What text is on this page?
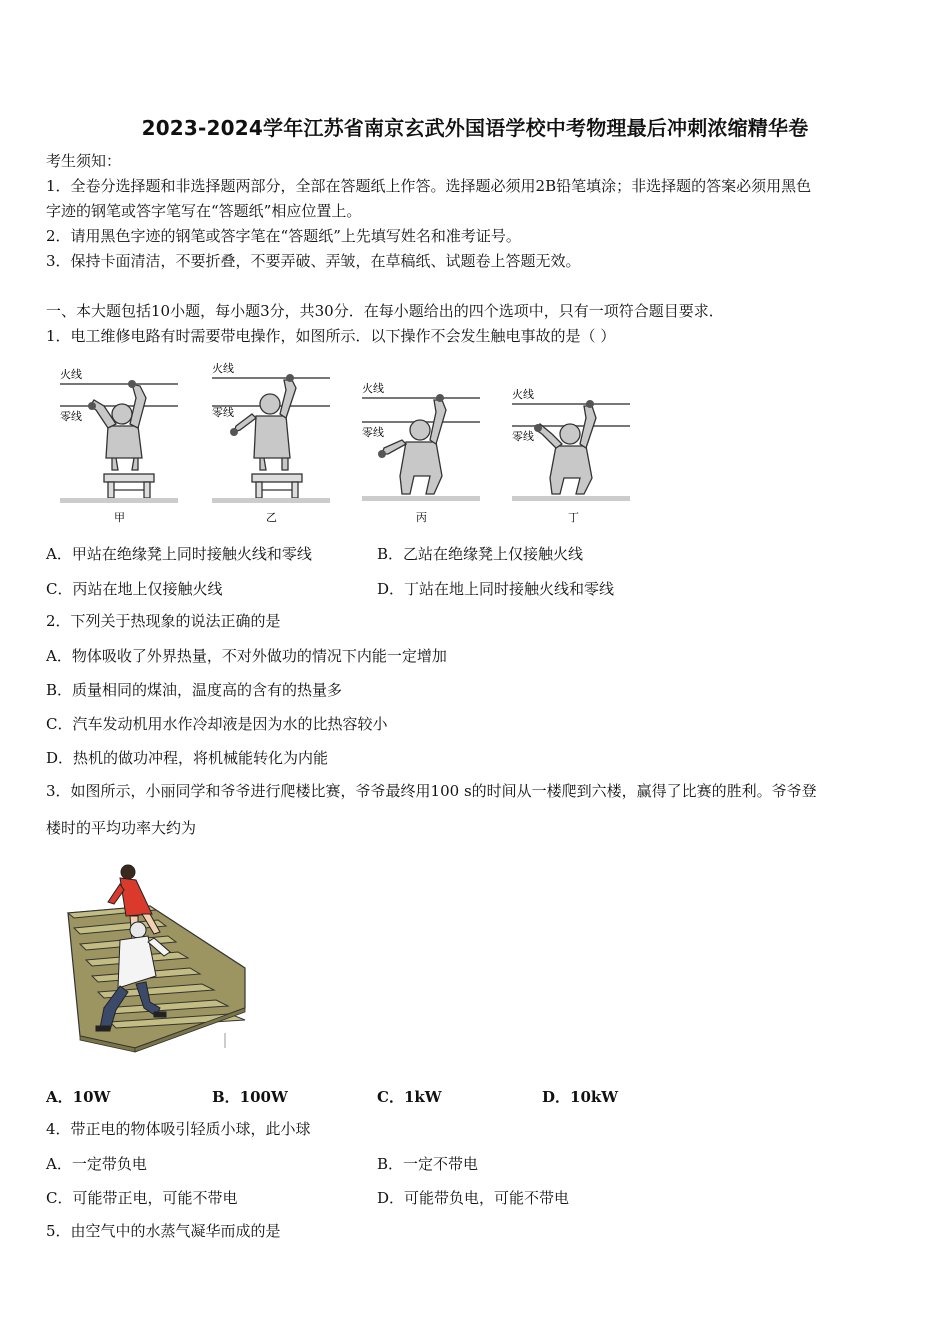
2023-2024学年江苏省南京玄武外国语学校中考物理最后冲刺浓缩精华卷
考生须知：
1．全卷分选择题和非选择题两部分，全部在答题纸上作答。选择题必须用2B铅笔填涂；非选择题的答案必须用黑色
字迹的钢笔或答字笔写在“答题纸”相应位置上。
2．请用黑色字迹的钢笔或答字笔在“答题纸”上先填写姓名和准考证号。
3．保持卡面清洁，不要折叠，不要弄破、弄皱，在草稿纸、试题卷上答题无效。
一、本大题包括10小题，每小题3分，共30分．在每小题给出的四个选项中，只有一项符合题目要求．
1．电工维修电路有时需要带电操作，如图所示．以下操作不会发生触电事故的是（ ）
火线
零线
甲
火线
零线
乙
火线
零线
丙
火线
零线
丁
A．甲站在绝缘凳上同时接触火线和零线	B．乙站在绝缘凳上仅接触火线
C．丙站在地上仅接触火线	D．丁站在地上同时接触火线和零线
2．下列关于热现象的说法正确的是
A．物体吸收了外界热量，不对外做功的情况下内能一定增加
B．质量相同的煤油，温度高的含有的热量多
C．汽车发动机用水作冷却液是因为水的比热容较小
D．热机的做功冲程，将机械能转化为内能
3．如图所示，小丽同学和爷爷进行爬楼比赛，爷爷最终用100 s的时间从一楼爬到六楼，赢得了比赛的胜利。爷爷登
楼时的平均功率大约为
A．10W	B．100W	C．1kW	D．10kW
4．带正电的物体吸引轻质小球，此小球
A．一定带负电	B．一定不带电
C．可能带正电，可能不带电	D．可能带负电，可能不带电
5．由空气中的水蒸气凝华而成的是
